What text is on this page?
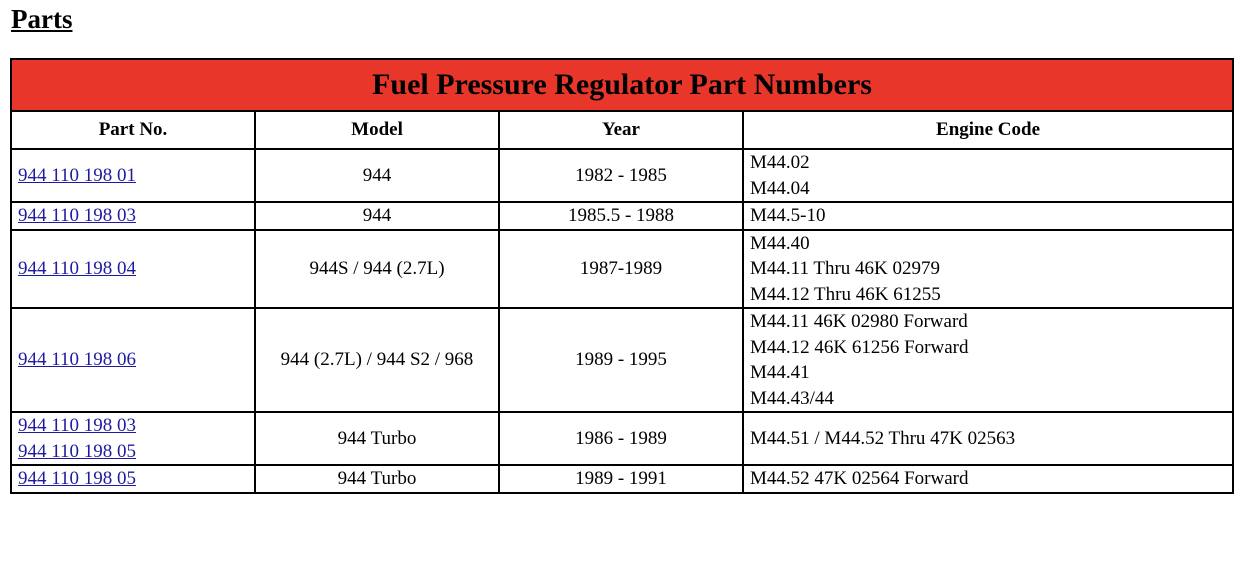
Parts
Fuel Pressure Regulator Part Numbers			
Part No.	Model	Year	Engine Code

944 110 198 01	944	1982 - 1985	M44.02
M44.04

944 110 198 03	944	1985.5 - 1988	M44.5-10

944 110 198 04	944S / 944 (2.7L)	1987-1989	M44.40
M44.11 Thru 46K 02979
M44.12 Thru 46K 61255

944 110 198 06	944 (2.7L) / 944 S2 / 968	1989 - 1995	M44.11 46K 02980 Forward
M44.12 46K 61256 Forward
M44.41
M44.43/44

944 110 198 03
944 110 198 05	944 Turbo	1986 - 1989	M44.51 / M44.52 Thru 47K 02563

944 110 198 05	944 Turbo	1989 - 1991	M44.52 47K 02564 Forward
